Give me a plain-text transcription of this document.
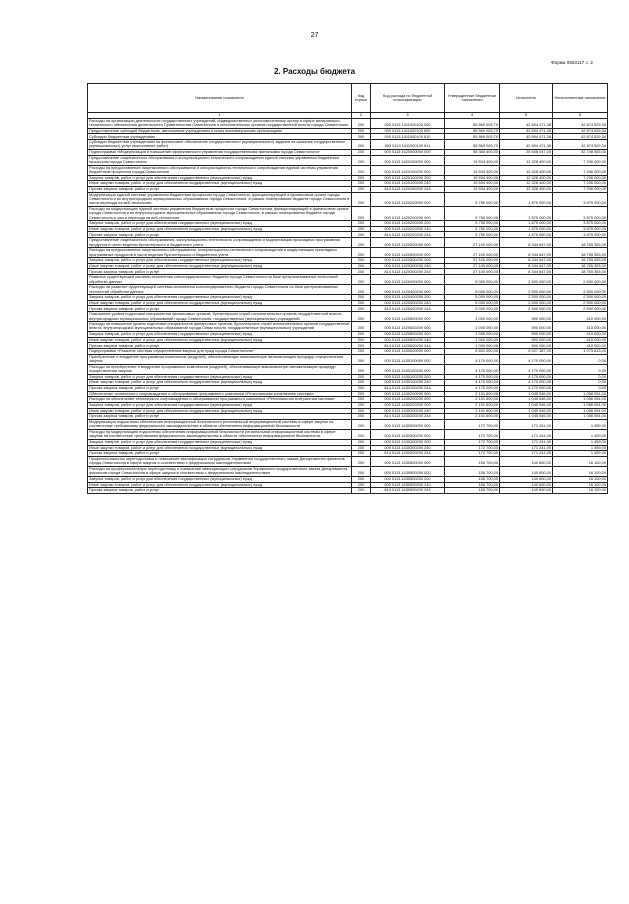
27
Форма 0503117 с. 2
2. Расходы бюджета
Наименование показателя	Код строки	Код расхода по бюджетной классификации	Утвержденные бюджетные назначения	Исполнено	Неисполненные назначения
1	2	3	4	5	6
Расходы на организацию деятельности государственных учреждений, подведомственных уполномоченному органу в сфере материально-технического обеспечения деятельности Правительства Севастополя и исполнительных органов государственной власти города Севастополя	200	000 0113 1411000100 000	85 569 003,70	42 694 471,36	42 874 529,34
Предоставление субсидий бюджетным, автономным учреждениям и иным некоммерческим организациям	200	000 0113 1411000100 600	85 569 003,70	42 694 471,36	42 874 529,34
Субсидии бюджетным учреждениям	200	000 0113 1411000100 610	85 569 003,70	42 694 471,36	42 874 529,34
Субсидии бюджетным учреждениям на финансовое обеспечение государственного (муниципального) задания на оказание государственных (муниципальных) услуг (выполнение работ)	200	853 0113 1411000100 611	85 569 003,70	42 694 471,36	42 874 529,34
Подпрограмма «Модернизация и повышение эффективности управления государственными финансами города Севастополя»	200	000 0113 1420000000 000	58 384 400,00	25 638 047,00	32 746 353,00
Предоставление лицензионного обслуживания и консультационно-технического сопровождения единой системы управления бюджетным процессом города Севастополя	200	000 0113 1420100000 000	19 534 400,00	12 328 400,00	7 206 000,00
Расходы на предоставление лицензионного обслуживания и консультационно-технического сопровождения единой системы управления бюджетным процессом города Севастополя	200	000 0113 1420100200 000	19 534 400,00	12 328 400,00	7 206 000,00
Закупка товаров, работ и услуг для обеспечения государственных (муниципальных) нужд	200	000 0113 1420100200 200	19 534 400,00	12 328 400,00	7 206 000,00
Иные закупки товаров, работ и услуг для обеспечения государственных (муниципальных) нужд	200	000 0113 1420100200 240	19 534 400,00	12 328 400,00	7 206 000,00
Прочая закупка товаров, работ и услуг	200	814 0113 1420100200 244	19 534 400,00	12 328 400,00	7 206 000,00
Модернизация единой системы управления бюджетным процессом города Севастополя, функционирующей в финансовом органе города Севастополя и во внутригородских муниципальных образованиях города Севастополя, в рамках планирования бюджета города Севастополя в части перехода на веб-технологии	200	000 0113 1420200000 000	5 750 000,00	1 875 000,00	3 875 000,00
Расходы на модернизацию единой системы управления бюджетным процессом города Севастополя, функционирующей в финансовом органе города Севастополя и во внутригородских муниципальных образованиях города Севастополя, в рамках планирования бюджета города Севастополя в части перехода на веб-технологии	200	000 0113 1420200200 000	5 750 000,00	1 875 000,00	3 875 000,00
Закупка товаров, работ и услуг для обеспечения государственных (муниципальных) нужд	200	000 0113 1420200200 200	5 750 000,00	1 875 000,00	3 875 000,00
Иные закупки товаров, работ и услуг для обеспечения государственных (муниципальных) нужд	200	000 0113 1420200200 240	5 750 000,00	1 875 000,00	3 875 000,00
Прочая закупка товаров, работ и услуг	200	814 0113 1420200200 244	5 750 000,00	1 875 000,00	3 875 000,00
Предоставление лицензионного обслуживания, консультационно-технического сопровождения и модернизация прикладных программных продуктов в части ведения бухгалтерского и бюджетного учета	200	000 0113 1420300000 000	27 100 000,00	8 344 647,00	18 755 353,00
Расходы на предоставление лицензионного обслуживания, консультационно-технического сопровождения и модернизацию прикладных программных продуктов в части ведения бухгалтерского и бюджетного учета	200	000 0113 1420300200 000	27 100 000,00	8 344 647,00	18 755 353,00
Закупка товаров, работ и услуг для обеспечения государственных (муниципальных) нужд	200	000 0113 1420300200 200	27 100 000,00	8 344 647,00	18 755 353,00
Иные закупки товаров, работ и услуг для обеспечения государственных (муниципальных) нужд	200	000 0113 1420300200 240	27 100 000,00	8 344 647,00	18 755 353,00
Прочая закупка товаров, работ и услуг	200	814 0113 1420300200 244	27 100 000,00	8 344 647,00	18 755 353,00
Развитие существующей системы исполнения консолидированного бюджета города Севастополя на базе централизованных технологий обработки данных	200	000 0113 1420400000 000	5 000 000,00	2 500 000,00	2 500 000,00
Расходы на развитие существующей системы исполнения консолидированного бюджета города Севастополя на базе централизованных технологий обработки данных	200	000 0113 1420400200 000	5 000 000,00	2 500 000,00	2 500 000,00
Закупка товаров, работ и услуг для обеспечения государственных (муниципальных) нужд	200	000 0113 1420400200 200	5 000 000,00	2 500 000,00	2 500 000,00
Иные закупки товаров, работ и услуг для обеспечения государственных (муниципальных) нужд	200	000 0113 1420400200 240	5 000 000,00	2 500 000,00	2 500 000,00
Прочая закупка товаров, работ и услуг	200	814 0113 1420400200 244	5 000 000,00	2 500 000,00	2 500 000,00
Повышение уровня подготовки специалистов финансовых органов, бухгалтерских служб исполнительных органов государственной власти, внутригородских муниципальных образований города Севастополя, государственных (муниципальных) учреждений	200	000 0113 1420600000 000	1 000 000,00	590 000,00	410 000,00
Расходы на повышение уровня подготовки специалистов финансовых органов, бухгалтерских служб исполнительных органов государственной власти, внутригородских муниципальных образований города Севастополя, государственных (муниципальных) учреждений	200	000 0113 1420600200 000	1 000 000,00	590 000,00	410 000,00
Закупка товаров, работ и услуг для обеспечения государственных (муниципальных) нужд	200	000 0113 1420600200 200	1 000 000,00	590 000,00	410 000,00
Иные закупки товаров, работ и услуг для обеспечения государственных (муниципальных) нужд	200	000 0113 1420600200 240	1 000 000,00	590 000,00	410 000,00
Прочая закупка товаров, работ и услуг	200	814 0113 1420600200 244	1 000 000,00	590 000,00	410 000,00
Подпрограмма «Развитие системы осуществления закупок для нужд города Севастополя»	200	000 0113 1430000000 000	6 601 000,00	5 527 387,00	1 073 613,00
Приобретение и внедрение программных комплексов (модулей), обеспечивающих максимальную автоматизацию процедур осуществления закупок	200	000 0113 1430100000 000	4 170 000,00	4 170 000,00	0,00
Расходы на приобретение и внедрение программных комплексов (модулей), обеспечивающих максимальную автоматизацию процедур осуществления закупок	200	000 0113 1430100200 000	4 170 000,00	4 170 000,00	0,00
Закупка товаров, работ и услуг для обеспечения государственных (муниципальных) нужд	200	000 0113 1430100200 200	4 170 000,00	4 170 000,00	0,00
Иные закупки товаров, работ и услуг для обеспечения государственных (муниципальных) нужд	200	000 0113 1430100200 240	4 170 000,00	4 170 000,00	0,00
Прочая закупка товаров, работ и услуг	200	814 0113 1430100200 244	4 170 000,00	4 170 000,00	0,00
Обеспечение технического сопровождения и обслуживания программного комплекса «Региональная контрактная система»	200	000 0113 1430200000 000	2 101 600,00	1 045 546,00	1 056 054,00
Расходы на обеспечение технического сопровождения и обслуживания программного комплекса «Региональная контрактная система»	200	000 0113 1430200200 000	2 101 600,00	1 045 546,00	1 056 054,00
Закупка товаров, работ и услуг для обеспечения государственных (муниципальных) нужд	200	000 0113 1430200200 200	2 101 600,00	1 045 546,00	1 056 054,00
Иные закупки товаров, работ и услуг для обеспечения государственных (муниципальных) нужд	200	000 0113 1430200200 240	2 101 600,00	1 045 546,00	1 056 054,00
Прочая закупка товаров, работ и услуг	200	814 0113 1430200200 244	2 101 600,00	1 045 546,00	1 056 054,00
Модернизация подсистемы обеспечения информационной безопасности региональной информационной системы в сфере закупок на соответствие требованиям федерального законодательства в области обеспечения информационной безопасности	200	000 0113 1430300000 000	172 700,00	171 241,00	1 459,00
Расходы на модернизацию подсистемы обеспечения информационной безопасности региональной информационной системы в сфере закупок на соответствие требованиям федерального законодательства в области обеспечения информационной безопасности	200	000 0113 1430300200 000	172 700,00	171 241,00	1 459,00
Закупка товаров, работ и услуг для обеспечения государственных (муниципальных) нужд	200	000 0113 1430300200 200	172 700,00	171 241,00	1 459,00
Иные закупки товаров, работ и услуг для обеспечения государственных (муниципальных) нужд	200	000 0113 1430300200 240	172 700,00	171 241,00	1 459,00
Прочая закупка товаров, работ и услуг	200	814 0113 1430300200 244	172 700,00	171 241,00	1 459,00
Профессиональная переподготовка и повышение квалификации сотрудников Управления государственного заказа Департамента финансов города Севастополя в сфере закупок в соответствии с федеральным законодательством	200	000 0113 1430500000 000	156 700,00	140 600,00	16 100,00
Расходы на профессиональную переподготовку и повышение квалификации сотрудников Управления государственного заказа Департамента финансов города Севастополя в сфере закупок в соответствии с федеральным законодательством	200	000 0113 1430500200 000	156 700,00	140 600,00	16 100,00
Закупка товаров, работ и услуг для обеспечения государственных (муниципальных) нужд	200	000 0113 1430500200 200	156 700,00	140 600,00	16 100,00
Иные закупки товаров, работ и услуг для обеспечения государственных (муниципальных) нужд	200	000 0113 1430500200 240	156 700,00	140 600,00	16 100,00
Прочая закупка товаров, работ и услуг	200	814 0113 1430500200 244	156 700,00	140 600,00	16 100,00
